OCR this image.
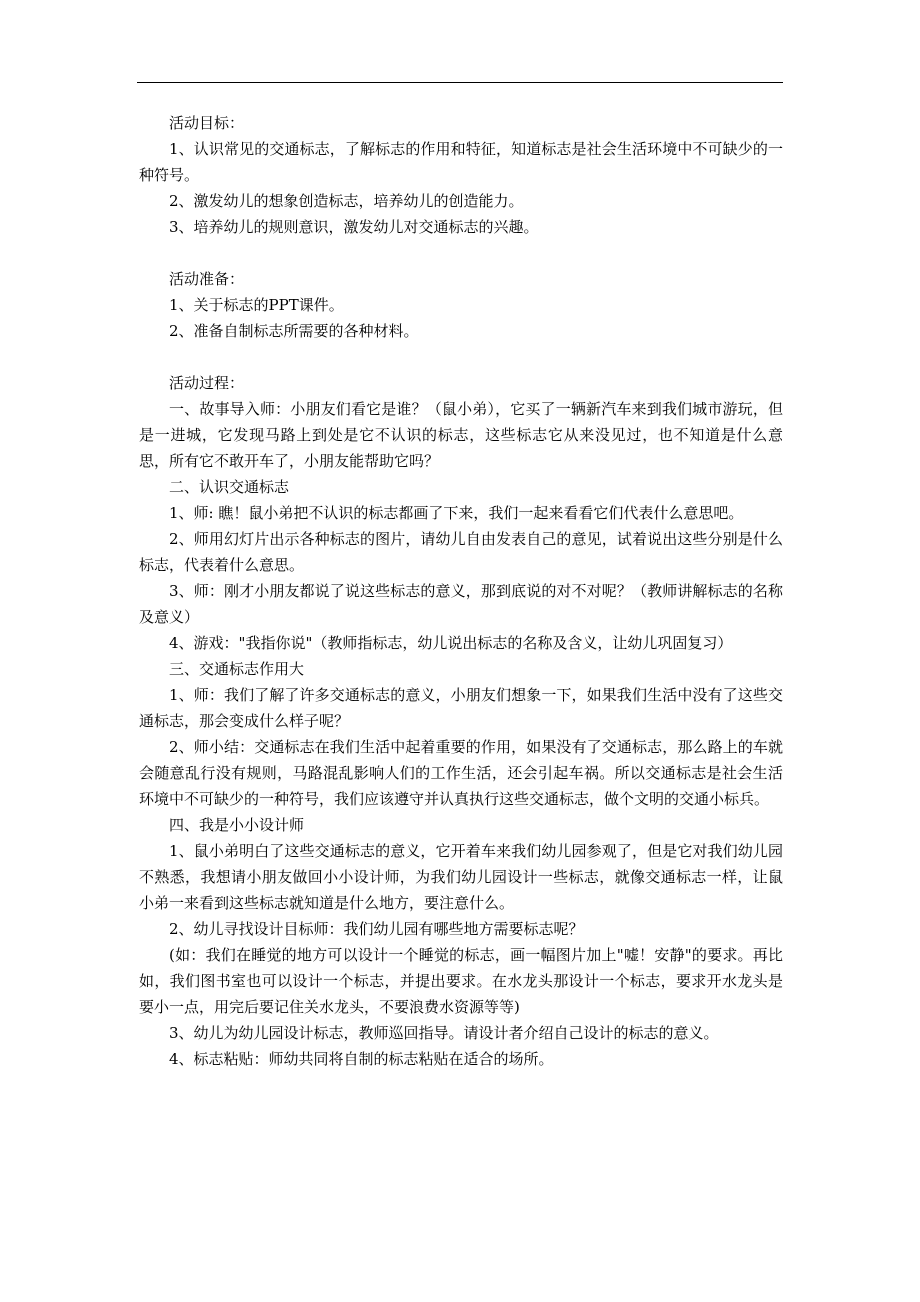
活动目标：

1、认识常见的交通标志，了解标志的作用和特征，知道标志是社会生活环境中不可缺少的一种符号。

2、激发幼儿的想象创造标志，培养幼儿的创造能力。

3、培养幼儿的规则意识，激发幼儿对交通标志的兴趣。

活动准备：

1、关于标志的PPT课件。

2、准备自制标志所需要的各种材料。

活动过程：

一、故事导入师：小朋友们看它是谁？（鼠小弟），它买了一辆新汽车来到我们城市游玩，但是一进城，它发现马路上到处是它不认识的标志，这些标志它从来没见过，也不知道是什么意思，所有它不敢开车了，小朋友能帮助它吗？

二、认识交通标志

1、师: 瞧！鼠小弟把不认识的标志都画了下来，我们一起来看看它们代表什么意思吧。

2、师用幻灯片出示各种标志的图片，请幼儿自由发表自己的意见，试着说出这些分别是什么标志，代表着什么意思。

3、师：刚才小朋友都说了说这些标志的意义，那到底说的对不对呢？（教师讲解标志的名称及意义）

4、游戏："我指你说"（教师指标志，幼儿说出标志的名称及含义，让幼儿巩固复习）

三、交通标志作用大

1、师：我们了解了许多交通标志的意义，小朋友们想象一下，如果我们生活中没有了这些交通标志，那会变成什么样子呢？

2、师小结：交通标志在我们生活中起着重要的作用，如果没有了交通标志，那么路上的车就会随意乱行没有规则，马路混乱影响人们的工作生活，还会引起车祸。所以交通标志是社会生活环境中不可缺少的一种符号，我们应该遵守并认真执行这些交通标志，做个文明的交通小标兵。

四、我是小小设计师

1、鼠小弟明白了这些交通标志的意义，它开着车来我们幼儿园参观了，但是它对我们幼儿园不熟悉，我想请小朋友做回小小设计师，为我们幼儿园设计一些标志，就像交通标志一样，让鼠小弟一来看到这些标志就知道是什么地方，要注意什么。

2、幼儿寻找设计目标师：我们幼儿园有哪些地方需要标志呢？

(如：我们在睡觉的地方可以设计一个睡觉的标志，画一幅图片加上"嘘！安静"的要求。再比如，我们图书室也可以设计一个标志，并提出要求。在水龙头那设计一个标志，要求开水龙头是要小一点，用完后要记住关水龙头，不要浪费水资源等等)

3、幼儿为幼儿园设计标志，教师巡回指导。请设计者介绍自己设计的标志的意义。

4、标志粘贴：师幼共同将自制的标志粘贴在适合的场所。
